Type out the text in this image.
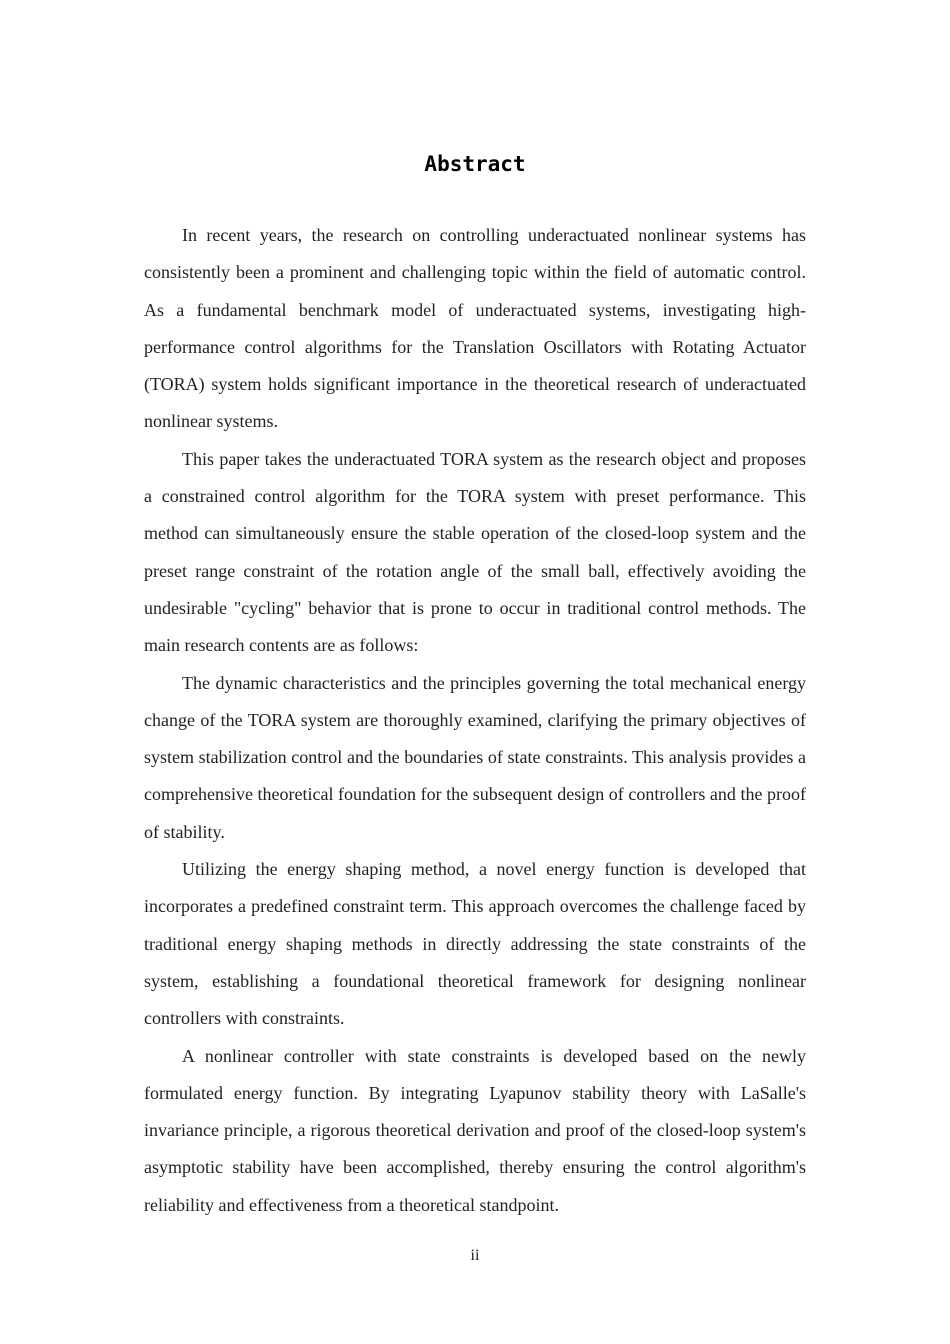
Abstract

In recent years, the research on controlling underactuated nonlinear systems has consistently been a prominent and challenging topic within the field of automatic control. As a fundamental benchmark model of underactuated systems, investigating high-performance control algorithms for the Translation Oscillators with Rotating Actuator (TORA) system holds significant importance in the theoretical research of underactuated nonlinear systems.

This paper takes the underactuated TORA system as the research object and proposes a constrained control algorithm for the TORA system with preset performance. This method can simultaneously ensure the stable operation of the closed-loop system and the preset range constraint of the rotation angle of the small ball, effectively avoiding the undesirable "cycling" behavior that is prone to occur in traditional control methods. The main research contents are as follows:

The dynamic characteristics and the principles governing the total mechanical energy change of the TORA system are thoroughly examined, clarifying the primary objectives of system stabilization control and the boundaries of state constraints. This analysis provides a comprehensive theoretical foundation for the subsequent design of controllers and the proof of stability.

Utilizing the energy shaping method, a novel energy function is developed that incorporates a predefined constraint term. This approach overcomes the challenge faced by traditional energy shaping methods in directly addressing the state constraints of the system, establishing a foundational theoretical framework for designing nonlinear controllers with constraints.

A nonlinear controller with state constraints is developed based on the newly formulated energy function. By integrating Lyapunov stability theory with LaSalle's invariance principle, a rigorous theoretical derivation and proof of the closed-loop system's asymptotic stability have been accomplished, thereby ensuring the control algorithm's reliability and effectiveness from a theoretical standpoint.

ii
